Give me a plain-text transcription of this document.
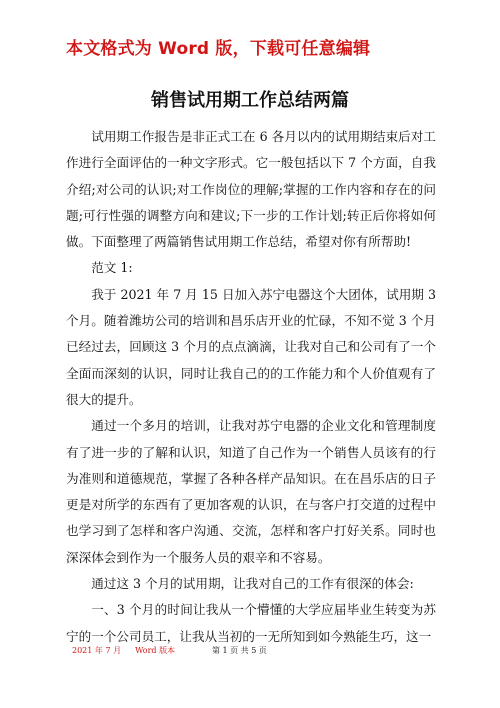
本文格式为 Word 版，下载可任意编辑
销售试用期工作总结两篇

试用期工作报告是非正式工在 6 各月以内的试用期结束后对工作进行全面评估的一种文字形式。它一般包括以下 7 个方面，自我介绍;对公司的认识;对工作岗位的理解;掌握的工作内容和存在的问题;可行性强的调整方向和建议;下一步的工作计划;转正后你将如何做。下面整理了两篇销售试用期工作总结，希望对你有所帮助!

范文 1:

我于 2021 年 7 月 15 日加入苏宁电器这个大团体，试用期 3 个月。随着潍坊公司的培训和昌乐店开业的忙碌，不知不觉 3 个月已经过去，回顾这 3 个月的点点滴滴，让我对自己和公司有了一个全面而深刻的认识，同时让我自己的的工作能力和个人价值观有了很大的提升。

通过一个多月的培训，让我对苏宁电器的企业文化和管理制度有了进一步的了解和认识，知道了自己作为一个销售人员该有的行为准则和道德规范，掌握了各种各样产品知识。在在昌乐店的日子更是对所学的东西有了更加客观的认识，在与客户打交道的过程中也学习到了怎样和客户沟通、交流，怎样和客户打好关系。同时也深深体会到作为一个服务人员的艰辛和不容易。

通过这 3 个月的试用期，让我对自己的工作有很深的体会:

一、3 个月的时间让我从一个懵懂的大学应届毕业生转变为苏宁的一个公司员工，让我从当初的一无所知到如今熟能生巧，这一

2021 年 7 月 Word 版本	第 1 页 共 5 页
